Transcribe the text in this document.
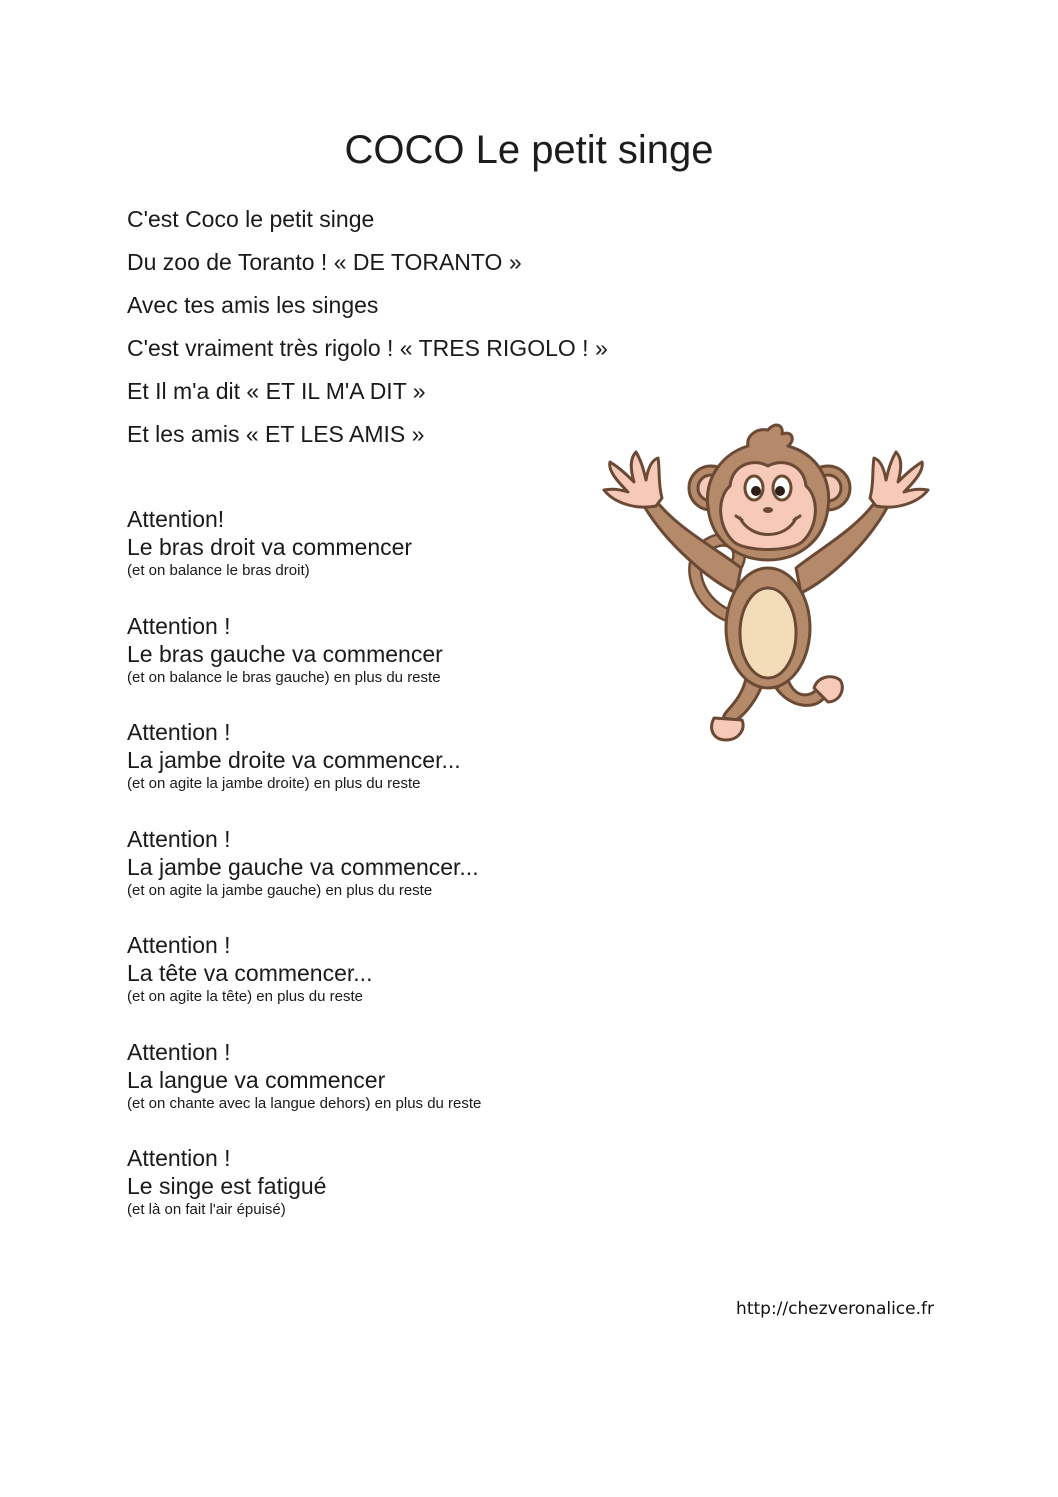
COCO Le petit singe
C'est Coco le petit singe
Du zoo de Toranto ! « DE TORANTO »
Avec tes amis les singes
C'est vraiment très rigolo ! « TRES RIGOLO ! »
Et Il m'a dit « ET IL M'A DIT »
Et les amis « ET LES AMIS »
Attention!
Le bras droit va commencer
(et on balance le bras droit)
Attention !
Le bras gauche va commencer
(et on balance le bras gauche) en plus du reste
Attention !
La jambe droite va commencer...
(et on agite la jambe droite) en plus du reste
Attention !
La jambe gauche va commencer...
(et on agite la jambe gauche) en plus du reste
Attention !
La tête va commencer...
(et on agite la tête) en plus du reste
Attention !
La langue va commencer
(et on chante avec la langue dehors) en plus du reste
Attention !
Le singe est fatigué
(et là on fait l'air épuisé)
http://chezveronalice.fr
